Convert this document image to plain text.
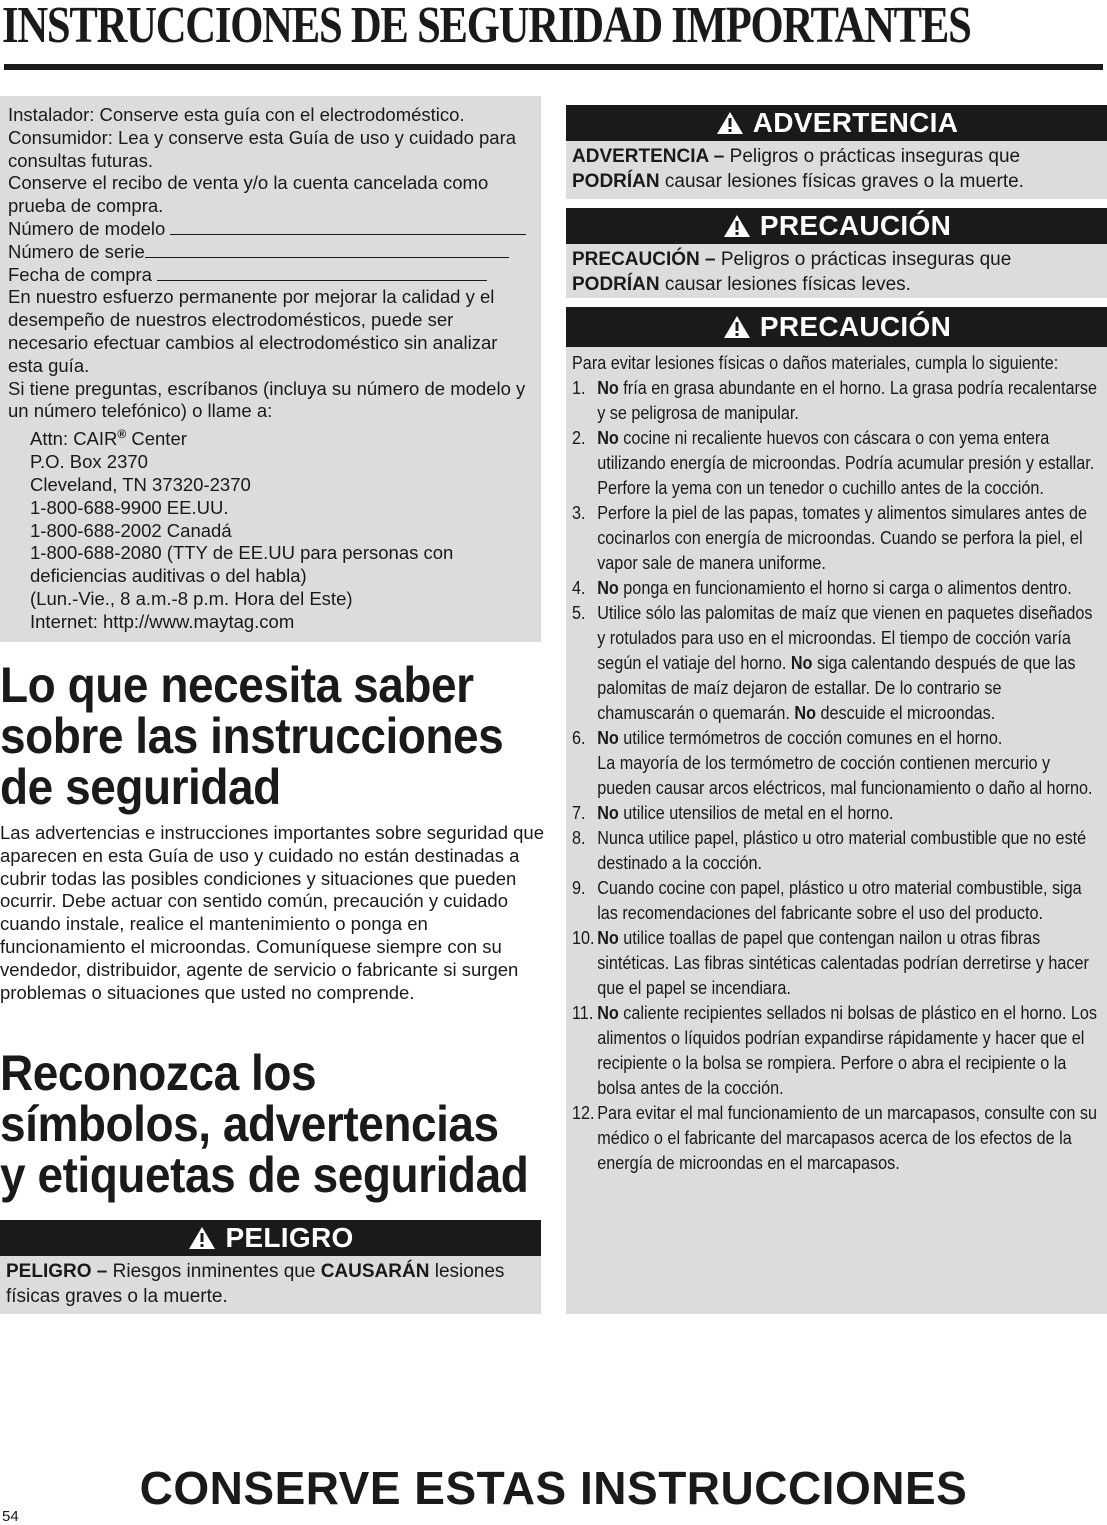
INSTRUCCIONES DE SEGURIDAD IMPORTANTES

Instalador: Conserve esta guía con el electrodoméstico.

Consumidor: Lea y conserve esta Guía de uso y cuidado para consultas futuras.

Conserve el recibo de venta y/o la cuenta cancelada como prueba de compra.

Número de modelo

Número de serie

Fecha de compra

En nuestro esfuerzo permanente por mejorar la calidad y el desempeño de nuestros electrodomésticos, puede ser necesario efectuar cambios al electrodoméstico sin analizar esta guía.

Si tiene preguntas, escríbanos (incluya su número de modelo y un número telefónico) o llame a:

Attn: CAIR® Center

P.O. Box 2370

Cleveland, TN 37320-2370

1-800-688-9900 EE.UU.

1-800-688-2002 Canadá

1-800-688-2080 (TTY de EE.UU para personas con

deficiencias auditivas o del habla)

(Lun.-Vie., 8 a.m.-8 p.m. Hora del Este)

Internet: http://www.maytag.com

Lo que necesita saber
sobre las instrucciones
de seguridad
Las advertencias e instrucciones importantes sobre seguridad que aparecen en esta Guía de uso y cuidado no están destinadas a cubrir todas las posibles condiciones y situaciones que pueden ocurrir. Debe actuar con sentido común, precaución y cuidado cuando instale, realice el mantenimiento o ponga en funcionamiento el microondas. Comuníquese siempre con su vendedor, distribuidor, agente de servicio o fabricante si surgen problemas o situaciones que usted no comprende.
Reconozca los
símbolos, advertencias
y etiquetas de seguridad
PELIGRO
PELIGRO – Riesgos inminentes que CAUSARÁN lesiones físicas graves o la muerte.
ADVERTENCIA
ADVERTENCIA – Peligros o prácticas inseguras que PODRÍAN causar lesiones físicas graves o la muerte.
PRECAUCIÓN
PRECAUCIÓN – Peligros o prácticas inseguras que PODRÍAN causar lesiones físicas leves.
PRECAUCIÓN

Para evitar lesiones físicas o daños materiales, cumpla lo siguiente:

1. No fría en grasa abundante en el horno. La grasa podría recalentarse y se peligrosa de manipular.
2. No cocine ni recaliente huevos con cáscara o con yema entera utilizando energía de microondas. Podría acumular presión y estallar. Perfore la yema con un tenedor o cuchillo antes de la cocción.
3. Perfore la piel de las papas, tomates y alimentos simulares antes de cocinarlos con energía de microondas. Cuando se perfora la piel, el vapor sale de manera uniforme.
4. No ponga en funcionamiento el horno si carga o alimentos dentro.
5. Utilice sólo las palomitas de maíz que vienen en paquetes diseñados y rotulados para uso en el microondas. El tiempo de cocción varía según el vatiaje del horno. No siga calentando después de que las palomitas de maíz dejaron de estallar. De lo contrario se chamuscarán o quemarán. No descuide el microondas.
6. No utilice termómetros de cocción comunes en el horno.
La mayoría de los termómetro de cocción contienen mercurio y pueden causar arcos eléctricos, mal funcionamiento o daño al horno.
7. No utilice utensilios de metal en el horno.
8. Nunca utilice papel, plástico u otro material combustible que no esté destinado a la cocción.
9. Cuando cocine con papel, plástico u otro material combustible, siga las recomendaciones del fabricante sobre el uso del producto.
10. No utilice toallas de papel que contengan nailon u otras fibras sintéticas. Las fibras sintéticas calentadas podrían derretirse y hacer que el papel se incendiara.
11. No caliente recipientes sellados ni bolsas de plástico en el horno. Los alimentos o líquidos podrían expandirse rápidamente y hacer que el recipiente o la bolsa se rompiera. Perfore o abra el recipiente o la bolsa antes de la cocción.
12. Para evitar el mal funcionamiento de un marcapasos, consulte con su médico o el fabricante del marcapasos acerca de los efectos de la energía de microondas en el marcapasos.
CONSERVE ESTAS INSTRUCCIONES
54
